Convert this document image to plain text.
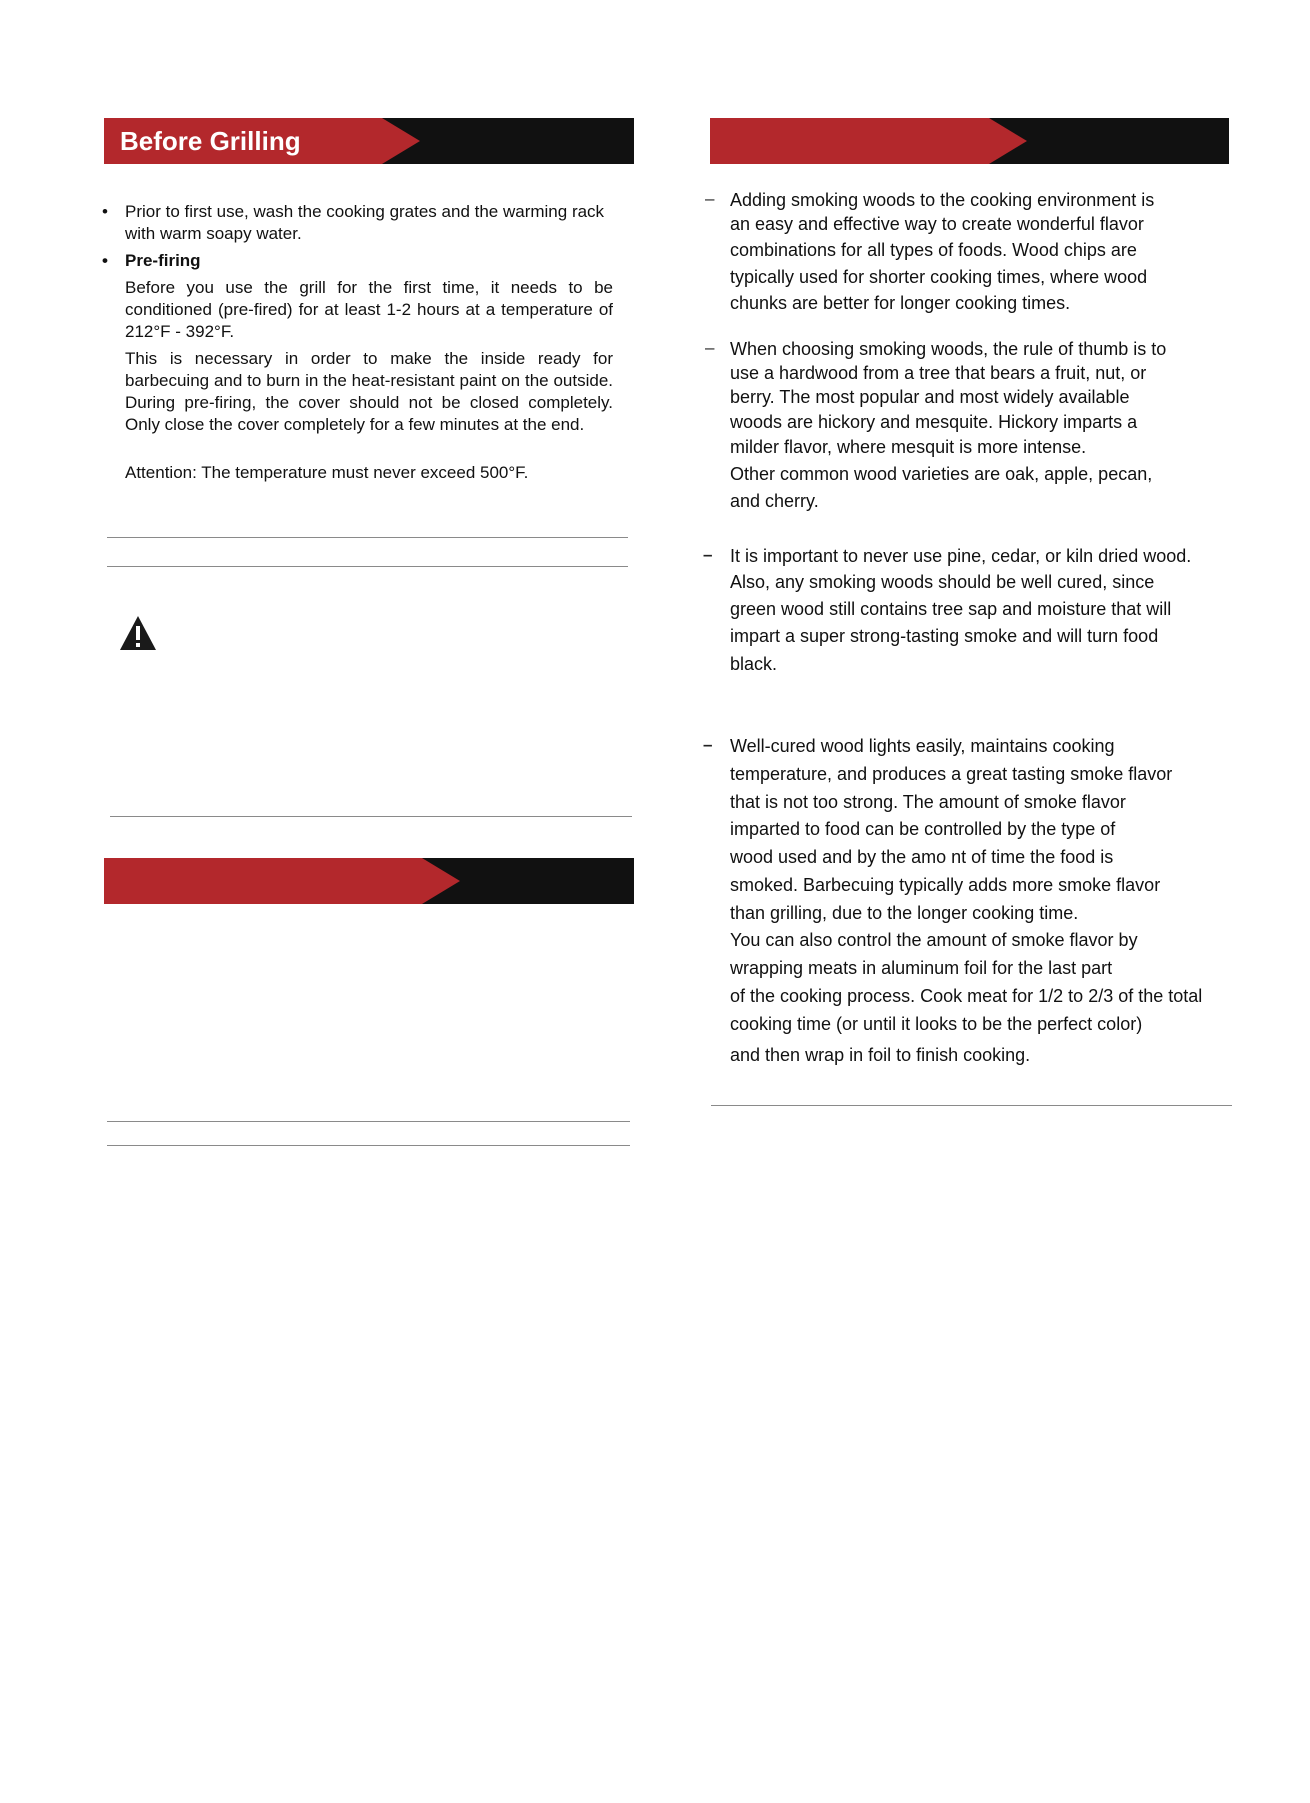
Before Grilling
• Prior to first use, wash the cooking grates and the warming rack with warm soapy water.
• Pre-firing
Before you use the grill for the first time, it needs to be conditioned (pre-fired) for at least 1-2 hours at a temperature of 212°F - 392°F.
This is necessary in order to make the inside ready for barbecuing and to burn in the heat-resistant paint on the outside. During pre-firing, the cover should not be closed completely. Only close the cover completely for a few minutes at the end.
Attention: The temperature must never exceed 500°F.
– Adding smoking woods to the cooking environment is
an easy and effective way to create wonderful flavor
combinations for all types of foods. Wood chips are
typically used for shorter cooking times, where wood
chunks are better for longer cooking times.
– When choosing smoking woods, the rule of thumb is to
use a hardwood from a tree that bears a fruit, nut, or
berry. The most popular and most widely available
woods are hickory and mesquite. Hickory imparts a
milder flavor, where mesquit is more intense.
Other common wood varieties are oak, apple, pecan,
and cherry.
– It is important to never use pine, cedar, or kiln dried wood.
Also, any smoking woods should be well cured, since
green wood still contains tree sap and moisture that will
impart a super strong-tasting smoke and will turn food
black.
– Well-cured wood lights easily, maintains cooking
temperature, and produces a great tasting smoke flavor
that is not too strong. The amount of smoke flavor
imparted to food can be controlled by the type of
wood used and by the amo nt of time the food is
smoked. Barbecuing typically adds more smoke flavor
than grilling, due to the longer cooking time.
You can also control the amount of smoke flavor by
wrapping meats in aluminum foil for the last part
of the cooking process. Cook meat for 1/2 to 2/3 of the total
cooking time (or until it looks to be the perfect color)
and then wrap in foil to finish cooking.
